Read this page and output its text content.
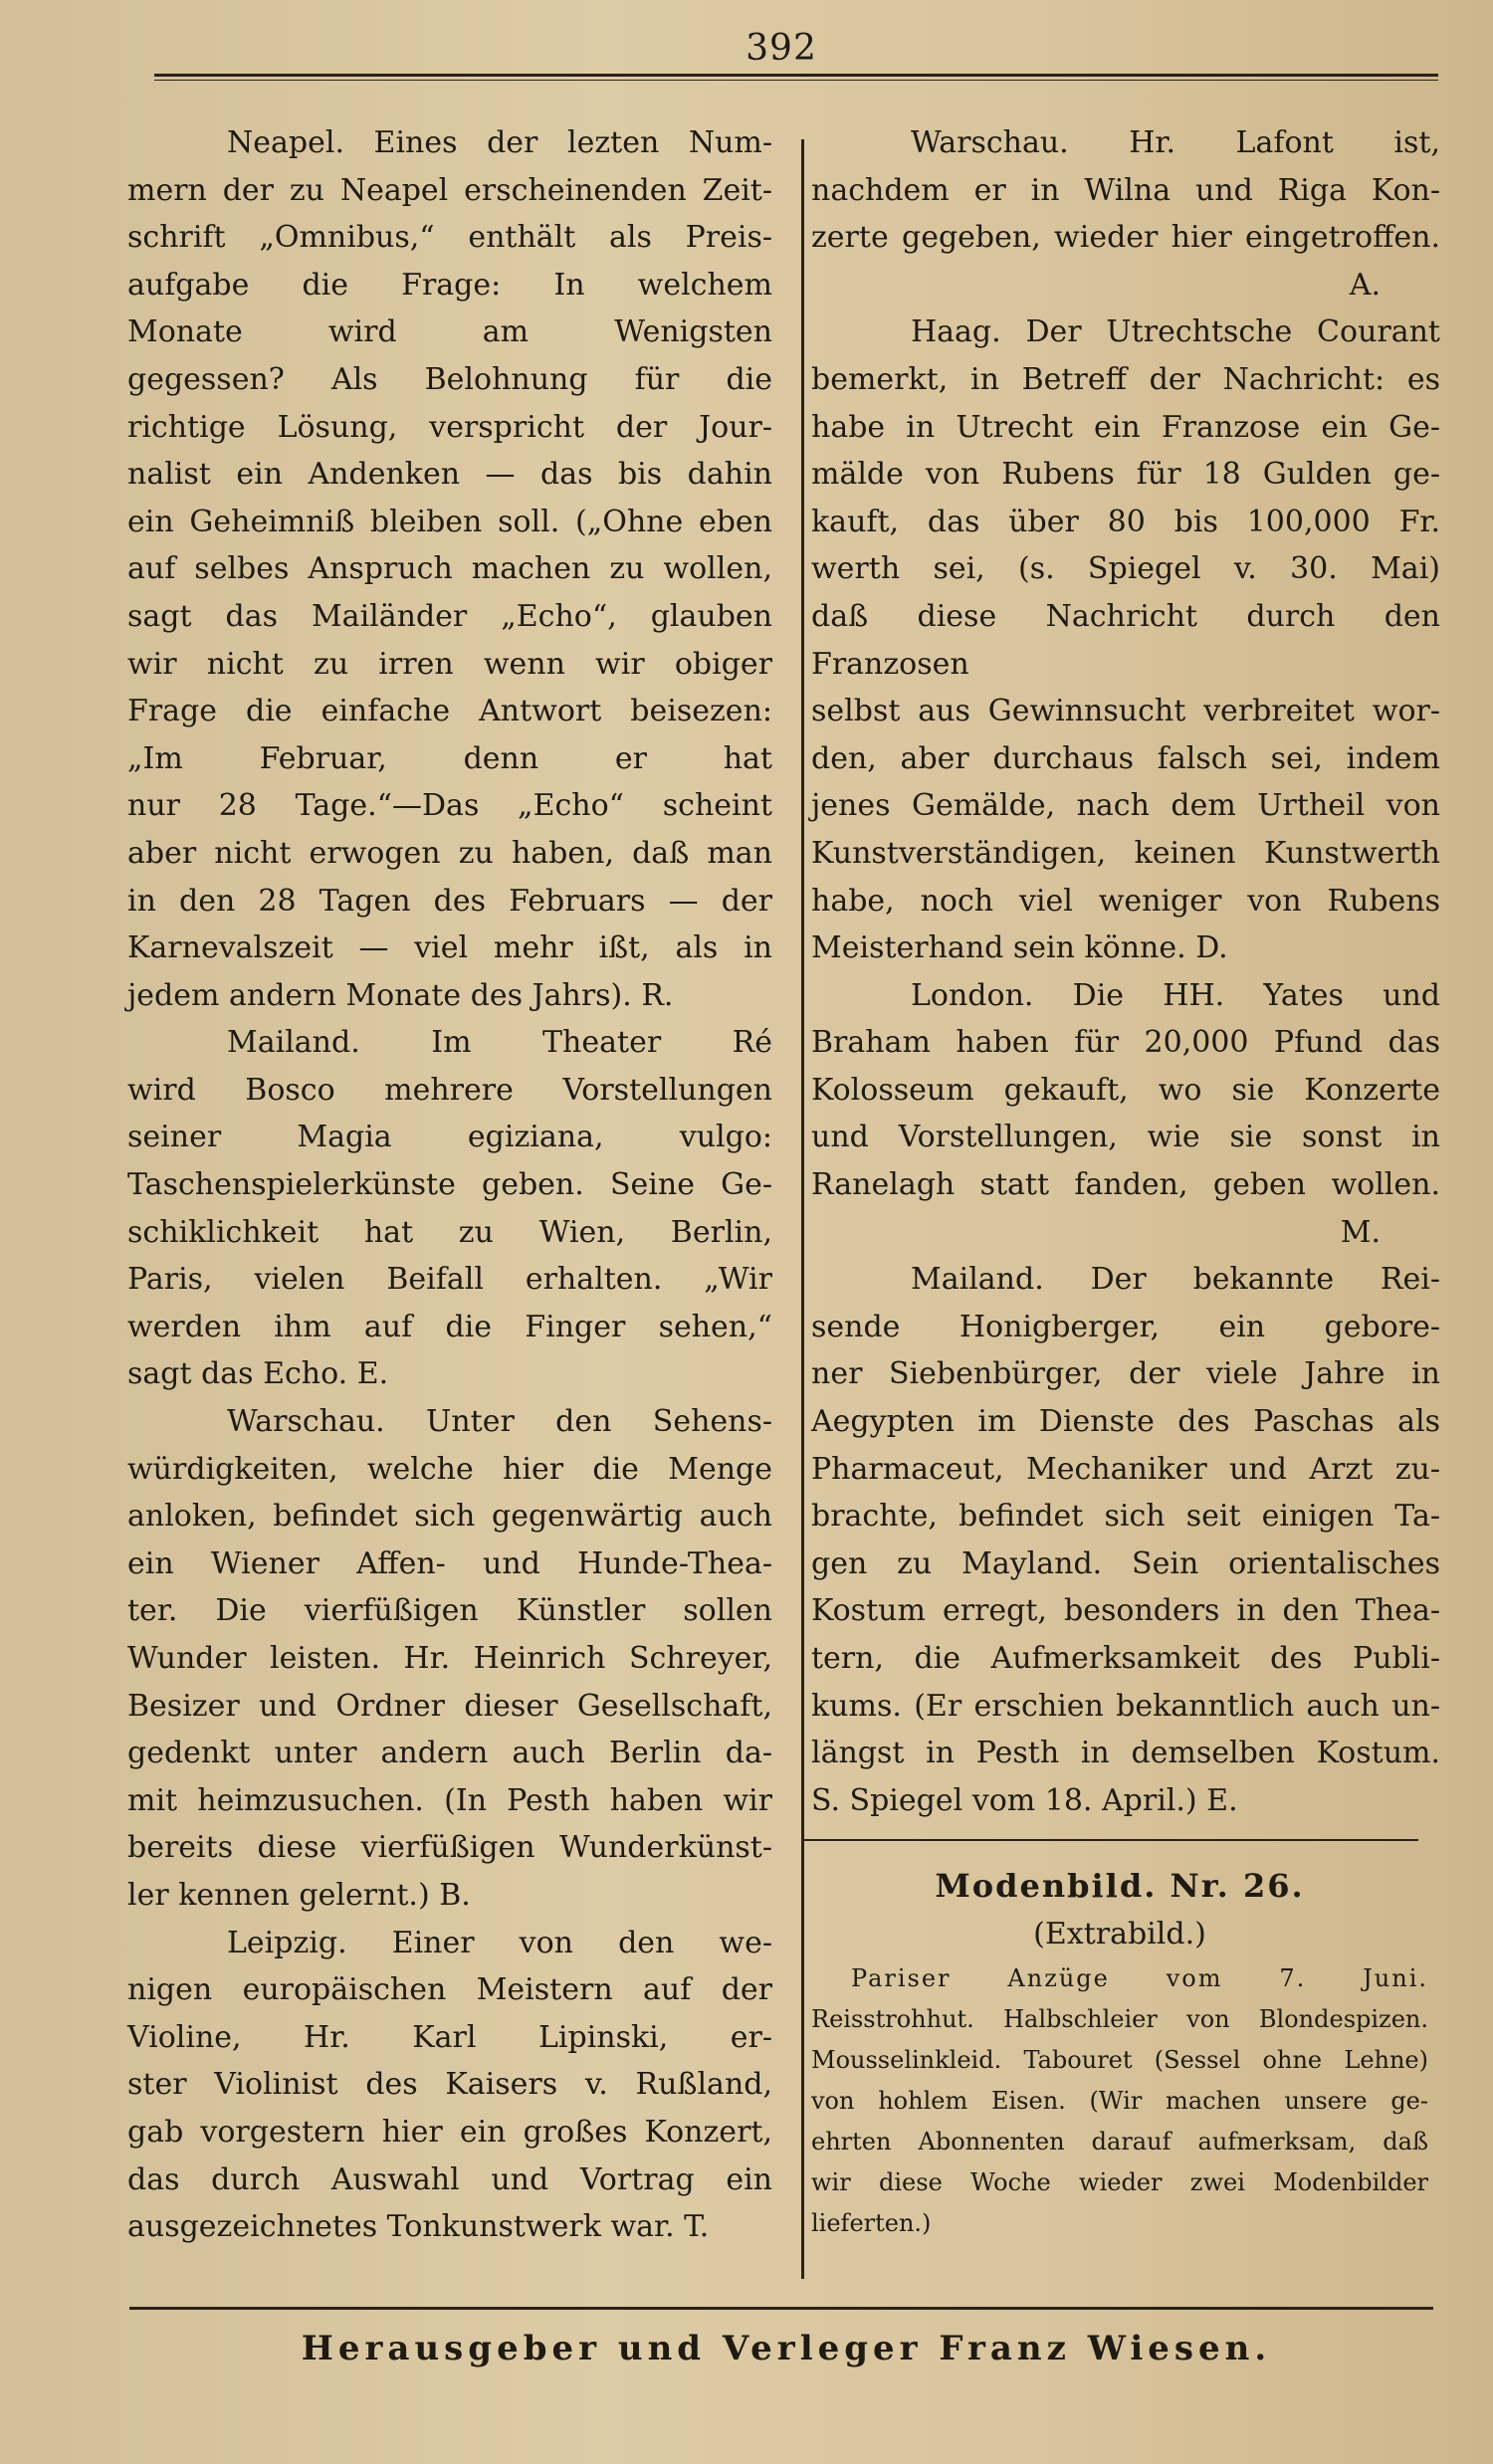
392

Neapel. Eines der lezten Num-

mern der zu Neapel erscheinenden Zeit-

schrift „Omnibus,“ enthält als Preis-

aufgabe die Frage: In welchem

Monate wird am Wenigsten

gegessen? Als Belohnung für die

richtige Lösung, verspricht der Jour-

nalist ein Andenken — das bis dahin

ein Geheimniß bleiben soll. („Ohne eben

auf selbes Anspruch machen zu wollen,

sagt das Mailänder „Echo“, glauben

wir nicht zu irren wenn wir obiger

Frage die einfache Antwort beisezen:

„Im Februar, denn er hat

nur 28 Tage.“—Das „Echo“ scheint

aber nicht erwogen zu haben, daß man

in den 28 Tagen des Februars — der

Karnevalszeit — viel mehr ißt, als in

jedem andern Monate des Jahrs). R.

Mailand. Im Theater Ré

wird Bosco mehrere Vorstellungen

seiner Magia egiziana, vulgo:

Taschenspielerkünste geben. Seine Ge-

schiklichkeit hat zu Wien, Berlin,

Paris, vielen Beifall erhalten. „Wir

werden ihm auf die Finger sehen,“

sagt das Echo. E.

Warschau. Unter den Sehens-

würdigkeiten, welche hier die Menge

anloken, befindet sich gegenwärtig auch

ein Wiener Affen- und Hunde-Thea-

ter. Die vierfüßigen Künstler sollen

Wunder leisten. Hr. Heinrich Schreyer,

Besizer und Ordner dieser Gesellschaft,

gedenkt unter andern auch Berlin da-

mit heimzusuchen. (In Pesth haben wir

bereits diese vierfüßigen Wunderkünst-

ler kennen gelernt.) B.

Leipzig. Einer von den we-

nigen europäischen Meistern auf der

Violine, Hr. Karl Lipinski, er-

ster Violinist des Kaisers v. Rußland,

gab vorgestern hier ein großes Konzert,

das durch Auswahl und Vortrag ein

ausgezeichnetes Tonkunstwerk war. T.

Warschau. Hr. Lafont ist,

nachdem er in Wilna und Riga Kon-

zerte gegeben, wieder hier eingetroffen.

A.

Haag. Der Utrechtsche Courant

bemerkt, in Betreff der Nachricht: es

habe in Utrecht ein Franzose ein Ge-

mälde von Rubens für 18 Gulden ge-

kauft, das über 80 bis 100,000 Fr.

werth sei, (s. Spiegel v. 30. Mai)

daß diese Nachricht durch den Franzosen

selbst aus Gewinnsucht verbreitet wor-

den, aber durchaus falsch sei, indem

jenes Gemälde, nach dem Urtheil von

Kunstverständigen, keinen Kunstwerth

habe, noch viel weniger von Rubens

Meisterhand sein könne. D.

London. Die HH. Yates und

Braham haben für 20,000 Pfund das

Kolosseum gekauft, wo sie Konzerte

und Vorstellungen, wie sie sonst in

Ranelagh statt fanden, geben wollen.

M.

Mailand. Der bekannte Rei-

sende Honigberger, ein gebore-

ner Siebenbürger, der viele Jahre in

Aegypten im Dienste des Paschas als

Pharmaceut, Mechaniker und Arzt zu-

brachte, befindet sich seit einigen Ta-

gen zu Mayland. Sein orientalisches

Kostum erregt, besonders in den Thea-

tern, die Aufmerksamkeit des Publi-

kums. (Er erschien bekanntlich auch un-

längst in Pesth in demselben Kostum.

S. Spiegel vom 18. April.) E.

Modenbild. Nr. 26.
(Extrabild.)

Pariser Anzüge vom 7. Juni.

Reisstrohhut. Halbschleier von Blondespizen.

Mousselinkleid. Tabouret (Sessel ohne Lehne)

von hohlem Eisen. (Wir machen unsere ge-

ehrten Abonnenten darauf aufmerksam, daß

wir diese Woche wieder zwei Modenbilder

lieferten.)

Herausgeber und Verleger Franz Wiesen.
